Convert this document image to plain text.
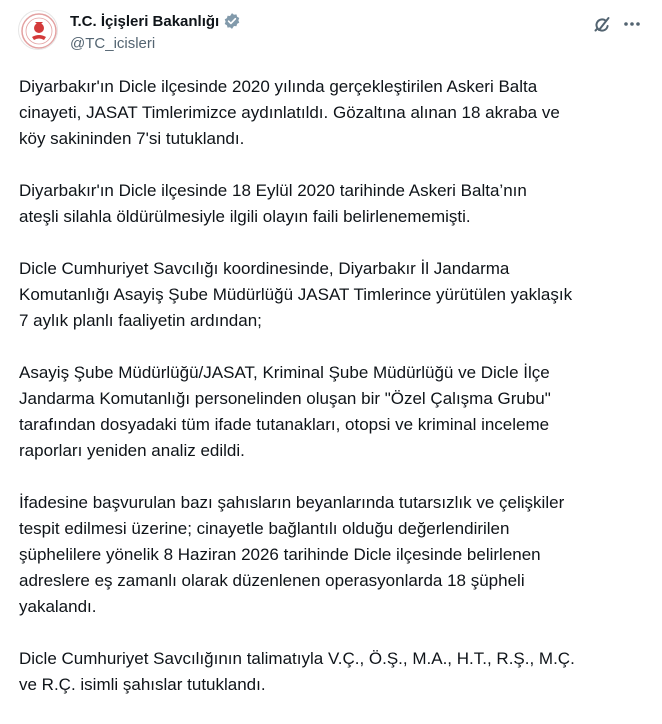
T.C. İçişleri Bakanlığı
@TC_icisleri

Diyarbakır'ın Dicle ilçesinde 2020 yılında gerçekleştirilen Askeri Balta
cinayeti, JASAT Timlerimizce aydınlatıldı. Gözaltına alınan 18 akraba ve
köy sakininden 7'si tutuklandı.

Diyarbakır'ın Dicle ilçesinde 18 Eylül 2020 tarihinde Askeri Balta’nın
ateşli silahla öldürülmesiyle ilgili olayın faili belirlenememişti.

Dicle Cumhuriyet Savcılığı koordinesinde, Diyarbakır İl Jandarma
Komutanlığı Asayiş Şube Müdürlüğü JASAT Timlerince yürütülen yaklaşık
7 aylık planlı faaliyetin ardından;

Asayiş Şube Müdürlüğü/JASAT, Kriminal Şube Müdürlüğü ve Dicle İlçe
Jandarma Komutanlığı personelinden oluşan bir "Özel Çalışma Grubu"
tarafından dosyadaki tüm ifade tutanakları, otopsi ve kriminal inceleme
raporları yeniden analiz edildi.

İfadesine başvurulan bazı şahısların beyanlarında tutarsızlık ve çelişkiler
tespit edilmesi üzerine; cinayetle bağlantılı olduğu değerlendirilen
şüphelilere yönelik 8 Haziran 2026 tarihinde Dicle ilçesinde belirlenen
adreslere eş zamanlı olarak düzenlenen operasyonlarda 18 şüpheli
yakalandı.

Dicle Cumhuriyet Savcılığının talimatıyla V.Ç., Ö.Ş., M.A., H.T., R.Ş., M.Ç.
ve R.Ç. isimli şahıslar tutuklandı.
